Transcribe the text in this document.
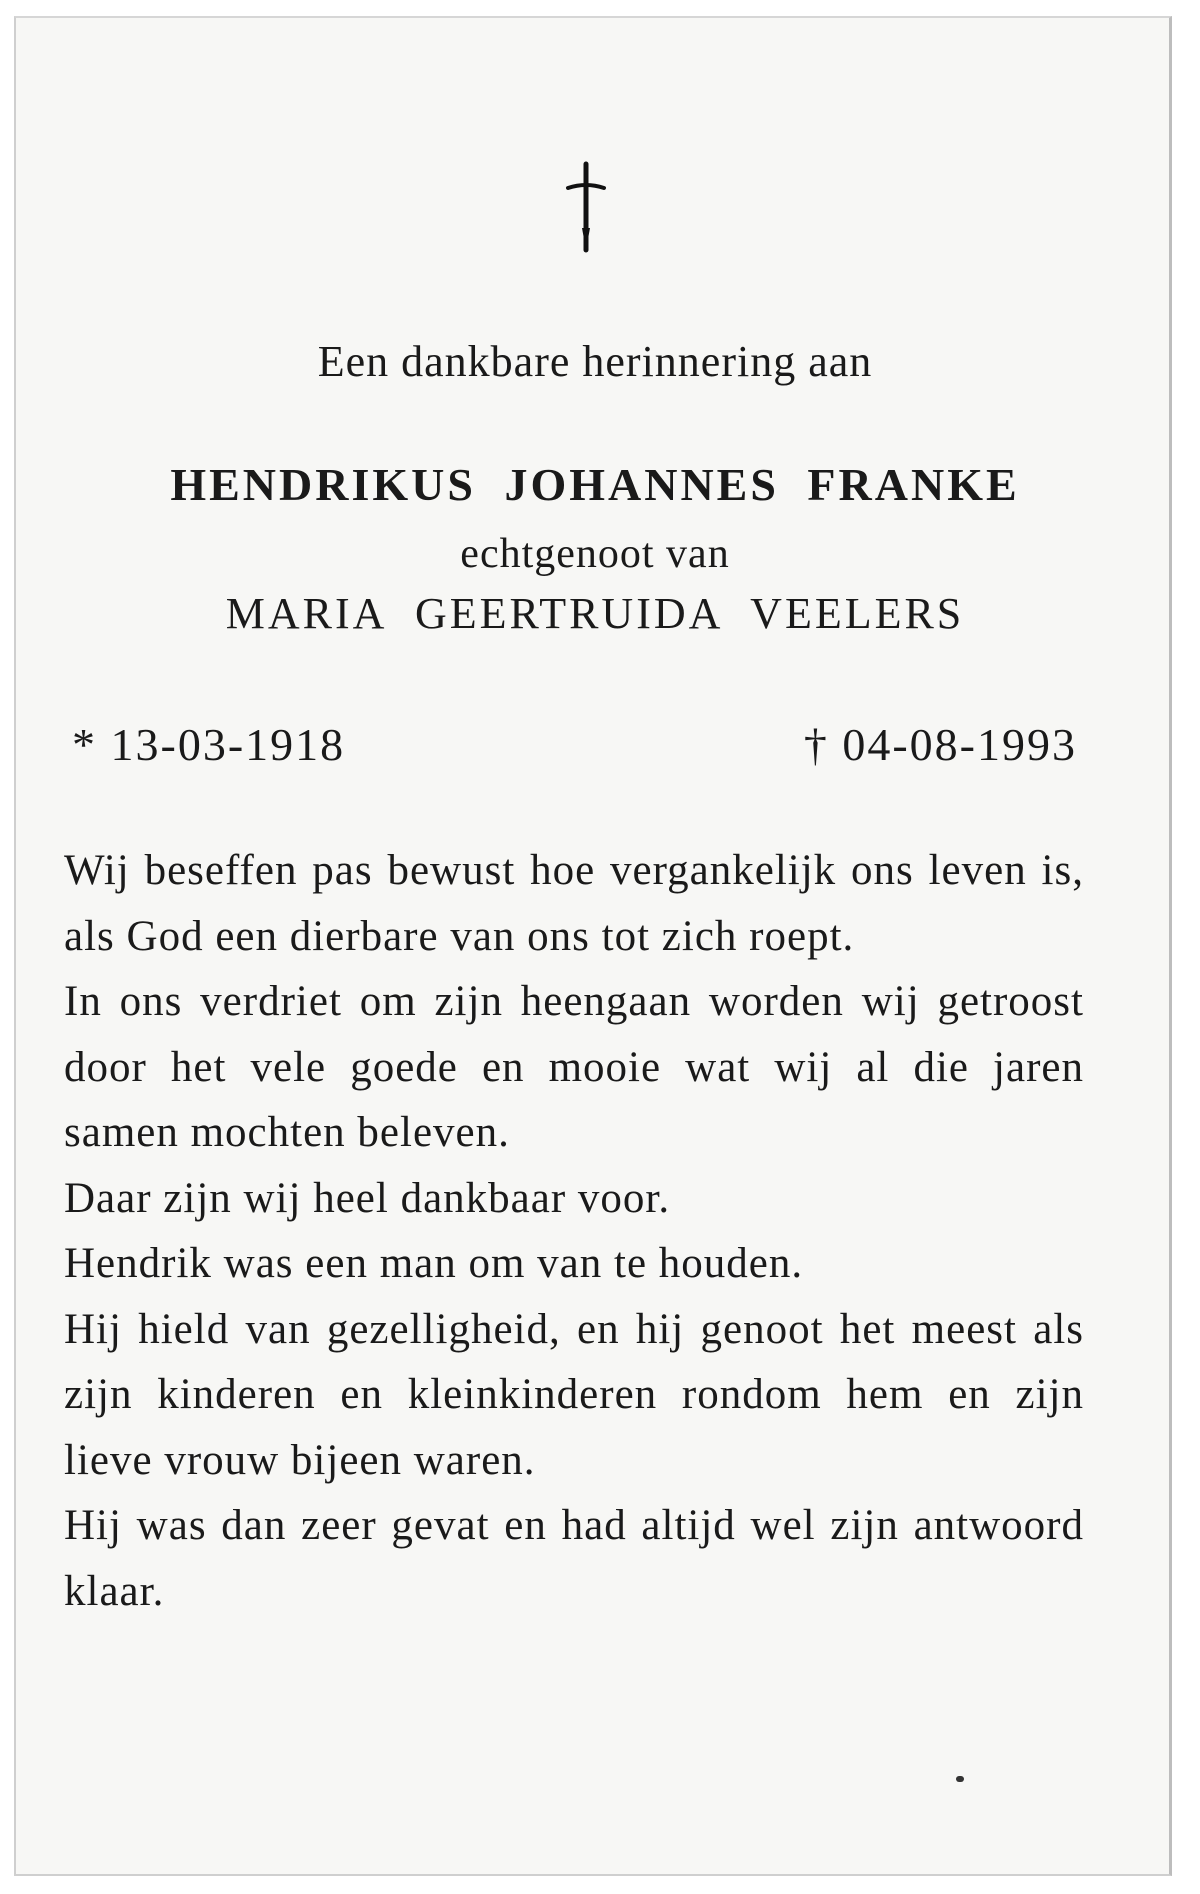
Een dankbare herinnering aan
HENDRIKUS JOHANNES FRANKE
echtgenoot van
MARIA GEERTRUIDA VEELERS
* 13-03-1918	† 04-08-1993

Wij beseffen pas bewust hoe vergankelijk ons leven is, als God een dierbare van ons tot zich roept.

In ons verdriet om zijn heengaan worden wij getroost door het vele goede en mooie wat wij al die jaren samen mochten beleven.

Daar zijn wij heel dankbaar voor.

Hendrik was een man om van te houden.

Hij hield van gezelligheid, en hij genoot het meest als zijn kinderen en kleinkinderen rondom hem en zijn lieve vrouw bijeen waren.

Hij was dan zeer gevat en had altijd wel zijn antwoord klaar.
